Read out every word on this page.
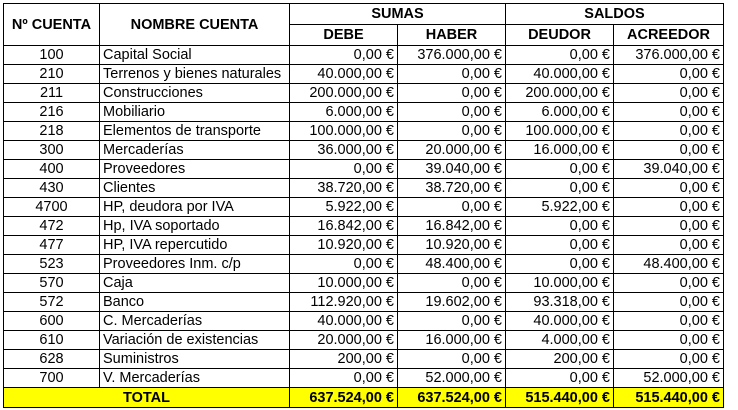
Nº CUENTA	NOMBRE CUENTA	SUMAS		SALDOS	
		DEBE	HABER	DEUDOR	ACREEDOR
100	Capital Social	0,00 €	376.000,00 €	0,00 €	376.000,00 €
210	Terrenos y bienes naturales	40.000,00 €	0,00 €	40.000,00 €	0,00 €
211	Construcciones	200.000,00 €	0,00 €	200.000,00 €	0,00 €
216	Mobiliario	6.000,00 €	0,00 €	6.000,00 €	0,00 €
218	Elementos de transporte	100.000,00 €	0,00 €	100.000,00 €	0,00 €
300	Mercaderías	36.000,00 €	20.000,00 €	16.000,00 €	0,00 €
400	Proveedores	0,00 €	39.040,00 €	0,00 €	39.040,00 €
430	Clientes	38.720,00 €	38.720,00 €	0,00 €	0,00 €
4700	HP, deudora por IVA	5.922,00 €	0,00 €	5.922,00 €	0,00 €
472	Hp, IVA soportado	16.842,00 €	16.842,00 €	0,00 €	0,00 €
477	HP, IVA repercutido	10.920,00 €	10.920,00 €	0,00 €	0,00 €
523	Proveedores Inm. c/p	0,00 €	48.400,00 €	0,00 €	48.400,00 €
570	Caja	10.000,00 €	0,00 €	10.000,00 €	0,00 €
572	Banco	112.920,00 €	19.602,00 €	93.318,00 €	0,00 €
600	C. Mercaderías	40.000,00 €	0,00 €	40.000,00 €	0,00 €
610	Variación de existencias	20.000,00 €	16.000,00 €	4.000,00 €	0,00 €
628	Suministros	200,00 €	0,00 €	200,00 €	0,00 €
700	V. Mercaderías	0,00 €	52.000,00 €	0,00 €	52.000,00 €
TOTAL		637.524,00 €	637.524,00 €	515.440,00 €	515.440,00 €
